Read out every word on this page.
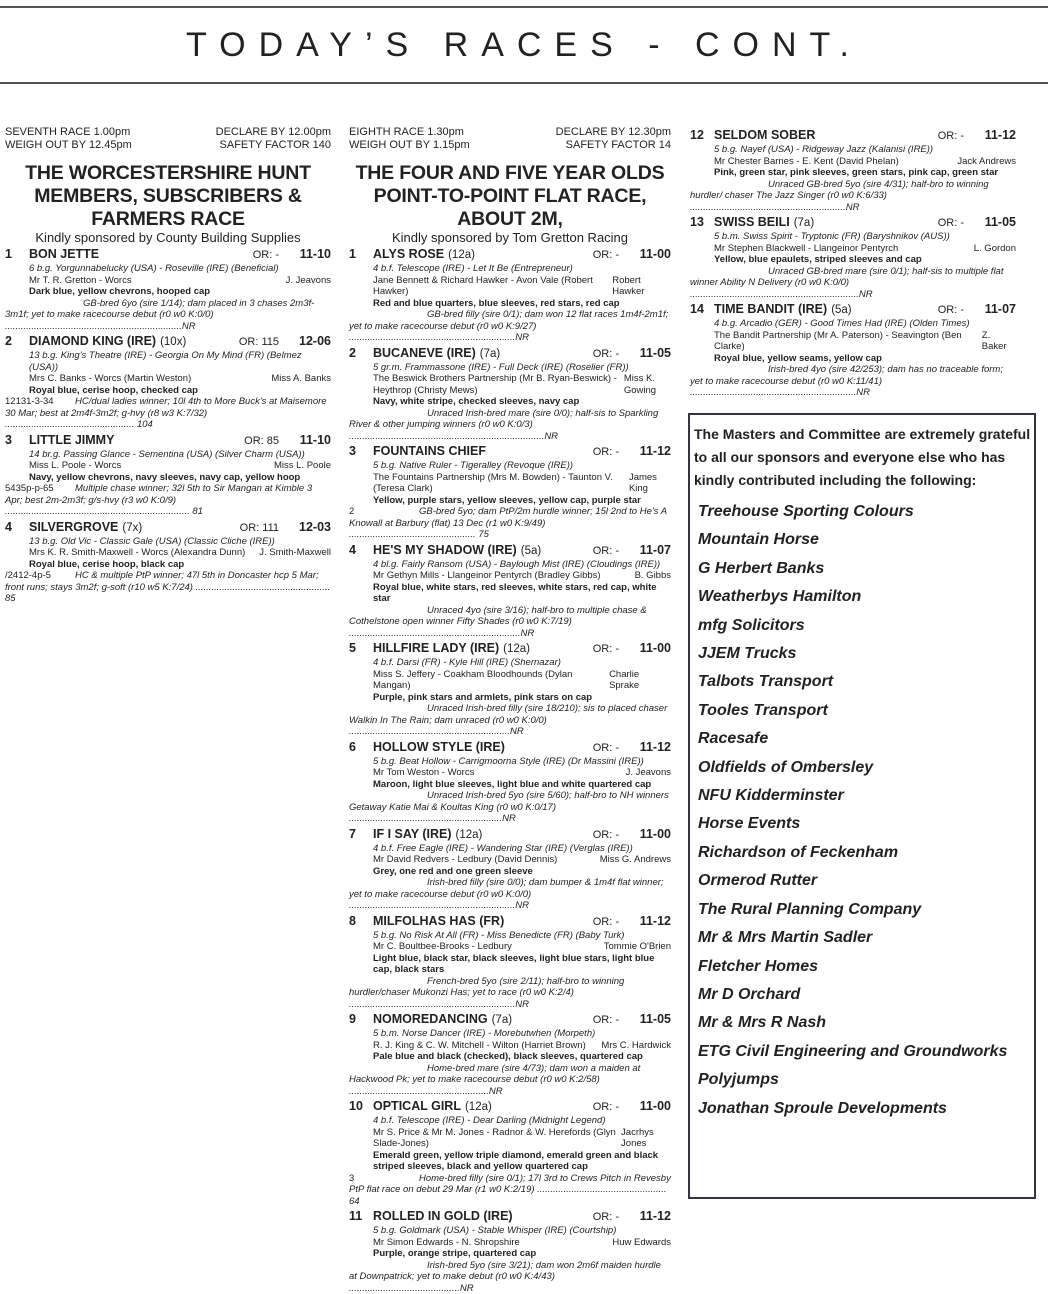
TODAY’S RACES - CONT.
SEVENTH RACE 1.00pm	DECLARE BY 12.00pm
WEIGH OUT BY 12.45pm	SAFETY FACTOR 140
THE WORCESTERSHIRE HUNT MEMBERS, SUBSCRIBERS & FARMERS RACE
Kindly sponsored by County Building Supplies
1	BON JETTE	OR: -	11-10
6 b.g. Yorgunnabelucky (USA) - Roseville (IRE) (Beneficial)
Mr T. R. Gretton - Worcs	J. Jeavons
Dark blue, yellow chevrons, hooped cap
GB-bred 6yo (sire 1/14); dam placed in 3 chases 2m3f-3m1f; yet to make racecourse debut (r0 w0 K:0/0) ...................................................................NR
2	DIAMOND KING (IRE) (10x)	OR: 115	12-06
13 b.g. King's Theatre (IRE) - Georgia On My Mind (FR) (Belmez (USA))
Mrs C. Banks - Worcs (Martin Weston)	Miss A. Banks
Royal blue, cerise hoop, checked cap
12131-3-34 HC/dual ladies winner; 10l 4th to More Buck's at Maisemore 30 Mar; best at 2m4f-3m2f; g-hvy (r8 w3 K:7/32) ................................................. 104
3	LITTLE JIMMY	OR: 85	11-10
14 br.g. Passing Glance - Sementina (USA) (Silver Charm (USA))
Miss L. Poole - Worcs	Miss L. Poole
Navy, yellow chevrons, navy sleeves, navy cap, yellow hoop
5435p-p-65 Multiple chase winner; 32l 5th to Sir Mangan at Kimble 3 Apr; best 2m-2m3f; g/s-hvy (r3 w0 K:0/9) ...................................................................... 81
4	SILVERGROVE (7x)	OR: 111	12-03
13 b.g. Old Vic - Classic Gale (USA) (Classic Cliche (IRE))
Mrs K. R. Smith-Maxwell - Worcs (Alexandra Dunn) J. Smith-Maxwell
Royal blue, cerise hoop, black cap
/2412-4p-5	HC & multiple PtP winner; 47l 5th in Doncaster hcp 5 Mar; front runs; stays 3m2f; g-soft (r10 w5 K:7/24) ................................................... 85
EIGHTH RACE 1.30pm	DECLARE BY 12.30pm
WEIGH OUT BY 1.15pm	SAFETY FACTOR 14
THE FOUR AND FIVE YEAR OLDS POINT-TO-POINT FLAT RACE, ABOUT 2M,
Kindly sponsored by Tom Gretton Racing
1	ALYS ROSE (12a)	OR: -	11-00
4 b.f. Telescope (IRE) - Let It Be (Entrepreneur)
Jane Bennett & Richard Hawker - Avon Vale (Robert Hawker)
Robert Hawker
Red and blue quarters, blue sleeves, red stars, red cap
GB-bred filly (sire 0/1); dam won 12 flat races 1m4f-2m1f; yet to make racecourse debut (r0 w0 K:9/27) ...............................................................NR
2	BUCANEVE (IRE) (7a)	OR: -	11-05
5 gr.m. Frammassone (IRE) - Full Deck (IRE) (Roselier (FR))
The Beswick Brothers Partnership (Mr B. Ryan-Beswick) - Heythrop (Christy Mews)
Miss K. Gowing
Navy, white stripe, checked sleeves, navy cap
Unraced Irish-bred mare (sire 0/0); half-sis to Sparkling River & other jumping winners (r0 w0 K:0/3) ..........................................................................NR
3	FOUNTAINS CHIEF	OR: -	11-12
5 b.g. Native Ruler - Tigeralley (Revoque (IRE))
The Fountains Partnership (Mrs M. Bowden) - Taunton V. (Teresa Clark)
James King
Yellow, purple stars, yellow sleeves, yellow cap, purple star
2	GB-bred 5yo; dam PtP/2m hurdle winner; 15l 2nd to He's A Knowall at Barbury (flat) 13 Dec (r1 w0 K:9/49) ................................................ 75
4	HE'S MY SHADOW (IRE) (5a)	OR: -	11-07
4 bl.g. Fairly Ransom (USA) - Baylough Mist (IRE) (Cloudings (IRE))
Mr Gethyn Mills - Llangeinor Pentyrch (Bradley Gibbs)	B. Gibbs
Royal blue, white stars, red sleeves, white stars, red cap, white star
Unraced 4yo (sire 3/16); half-bro to multiple chase & Cothelstone open winner Fifty Shades (r0 w0 K:7/19) .................................................................NR
5	HILLFIRE LADY (IRE) (12a)	OR: -	11-00
4 b.f. Darsi (FR) - Kyle Hill (IRE) (Shernazar)
Miss S. Jeffery - Coakham Bloodhounds (Dylan Mangan)
Charlie Sprake
Purple, pink stars and armlets, pink stars on cap
Unraced Irish-bred filly (sire 18/210); sis to placed chaser Walkin In The Rain; dam unraced (r0 w0 K:0/0) .............................................................NR
6	HOLLOW STYLE (IRE)	OR: -	11-12
5 b.g. Beat Hollow - Carrigmoorna Style (IRE) (Dr Massini (IRE))
Mr Tom Weston - Worcs	J. Jeavons
Maroon, light blue sleeves, light blue and white quartered cap
Unraced Irish-bred 5yo (sire 5/60); half-bro to NH winners Getaway Katie Mai & Koultas King (r0 w0 K:0/17) ..........................................................NR
7	IF I SAY (IRE) (12a)	OR: -	11-00
4 b.f. Free Eagle (IRE) - Wandering Star (IRE) (Verglas (IRE))
Mr David Redvers - Ledbury (David Dennis)	Miss G. Andrews
Grey, one red and one green sleeve
Irish-bred filly (sire 0/0); dam bumper & 1m4f flat winner; yet to make racecourse debut (r0 w0 K:0/0) ...............................................................NR
8	MILFOLHAS HAS (FR)	OR: -	11-12
5 b.g. No Risk At All (FR) - Miss Benedicte (FR) (Baby Turk)
Mr C. Boultbee-Brooks - Ledbury	Tommie O'Brien
Light blue, black star, black sleeves, light blue stars, light blue cap, black stars
French-bred 5yo (sire 2/11); half-bro to winning hurdler/chaser Mukonzi Has; yet to race (r0 w0 K:2/4) ...............................................................NR
9	NOMOREDANCING (7a)	OR: -	11-05
5 b.m. Norse Dancer (IRE) - Morebutwhen (Morpeth)
R. J. King & C. W. Mitchell - Wilton (Harriet Brown) Mrs C. Hardwick
Pale blue and black (checked), black sleeves, quartered cap
Home-bred mare (sire 4/73); dam won a maiden at Hackwood Pk; yet to make racecourse debut (r0 w0 K:2/58) .....................................................NR
10 OPTICAL GIRL (12a)	OR: -	11-00
4 b.f. Telescope (IRE) - Dear Darling (Midnight Legend)
Mr S. Price & Mr M. Jones - Radnor & W. Herefords (Glyn Slade-Jones)
Jacrhys Jones
Emerald green, yellow triple diamond, emerald green and black striped sleeves, black and yellow quartered cap
3	Home-bred filly (sire 0/1); 17l 3rd to Crews Pitch in Revesby PtP flat race on debut 29 Mar (r1 w0 K:2/19) ................................................. 64
11 ROLLED IN GOLD (IRE)	OR: -	11-12
5 b.g. Goldmark (USA) - Stable Whisper (IRE) (Courtship)
Mr Simon Edwards - N. Shropshire	Huw Edwards
Purple, orange stripe, quartered cap
Irish-bred 5yo (sire 3/21); dam won 2m6f maiden hurdle at Downpatrick; yet to make debut (r0 w0 K:4/43) ..........................................NR
12 SELDOM SOBER	OR: -	11-12
5 b.g. Nayef (USA) - Ridgeway Jazz (Kalanisi (IRE))
Mr Chester Barnes - E. Kent (David Phelan)	Jack Andrews
Pink, green star, pink sleeves, green stars, pink cap, green star
Unraced GB-bred 5yo (sire 4/31); half-bro to winning hurdler/ chaser The Jazz Singer (r0 w0 K:6/33) ...........................................................NR
13 SWISS BEILI (7a)	OR: -	11-05
5 b.m. Swiss Spirit - Tryptonic (FR) (Baryshnikov (AUS))
Mr Stephen Blackwell - Llangeinor Pentyrch	L. Gordon
Yellow, blue epaulets, striped sleeves and cap
Unraced GB-bred mare (sire 0/1); half-sis to multiple flat winner Ability N Delivery (r0 w0 K:0/0) ................................................................NR
14 TIME BANDIT (IRE) (5a)	OR: -	11-07
4 b.g. Arcadio (GER) - Good Times Had (IRE) (Olden Times)
The Bandit Partnership (Mr A. Paterson) - Seavington (Ben Clarke)
Z. Baker
Royal blue, yellow seams, yellow cap
Irish-bred 4yo (sire 42/253); dam has no traceable form; yet to make racecourse debut (r0 w0 K:11/41) ...............................................................NR

The Masters and Committee are extremely grateful to all our sponsors and everyone else who has kindly contributed including the following:

Treehouse Sporting Colours
Mountain Horse
G Herbert Banks
Weatherbys Hamilton
mfg Solicitors
JJEM Trucks
Talbots Transport
Tooles Transport
Racesafe
Oldfields of Ombersley
NFU Kidderminster
Horse Events
Richardson of Feckenham
Ormerod Rutter
The Rural Planning Company
Mr & Mrs Martin Sadler
Fletcher Homes
Mr D Orchard
Mr & Mrs R Nash
ETG Civil Engineering and Groundworks
Polyjumps
Jonathan Sproule Developments
